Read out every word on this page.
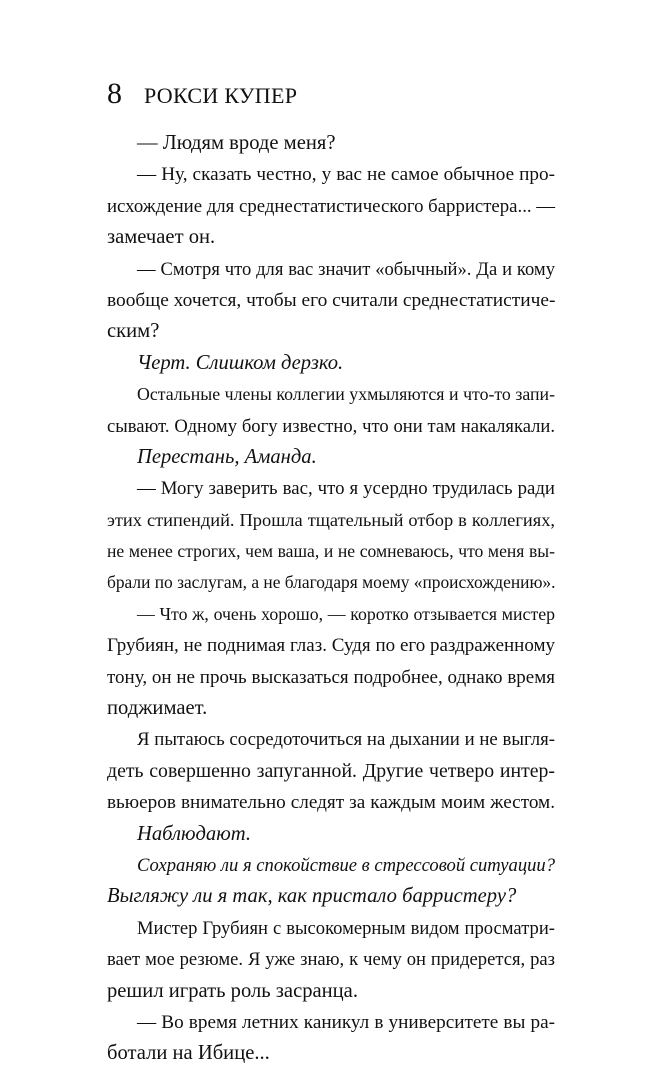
8 РОКСИ КУПЕР
— Людям вроде меня?
— Ну, сказать честно, у вас не самое обычное про-
исхождение для среднестатистического барристера... —
замечает он.
— Смотря что для вас значит «обычный». Да и кому
вообще хочется, чтобы его считали среднестатистиче-
ским?
Черт. Слишком дерзко.
Остальные члены коллегии ухмыляются и что-то запи-
сывают. Одному богу известно, что они там накалякали.
Перестань, Аманда.
— Могу заверить вас, что я усердно трудилась ради
этих стипендий. Прошла тщательный отбор в коллегиях,
не менее строгих, чем ваша, и не сомневаюсь, что меня вы-
брали по заслугам, а не благодаря моему «происхождению».
— Что ж, очень хорошо, — коротко отзывается мистер
Грубиян, не поднимая глаз. Судя по его раздраженному
тону, он не прочь высказаться подробнее, однако время
поджимает.
Я пытаюсь сосредоточиться на дыхании и не выгля-
деть совершенно запуганной. Другие четверо интер-
вьюеров внимательно следят за каждым моим жестом.
Наблюдают.
Сохраняю ли я спокойствие в стрессовой ситуации?
Выгляжу ли я так, как пристало барристеру?
Мистер Грубиян с высокомерным видом просматри-
вает мое резюме. Я уже знаю, к чему он придерется, раз
решил играть роль засранца.
— Во время летних каникул в университете вы ра-
ботали на Ибице...
